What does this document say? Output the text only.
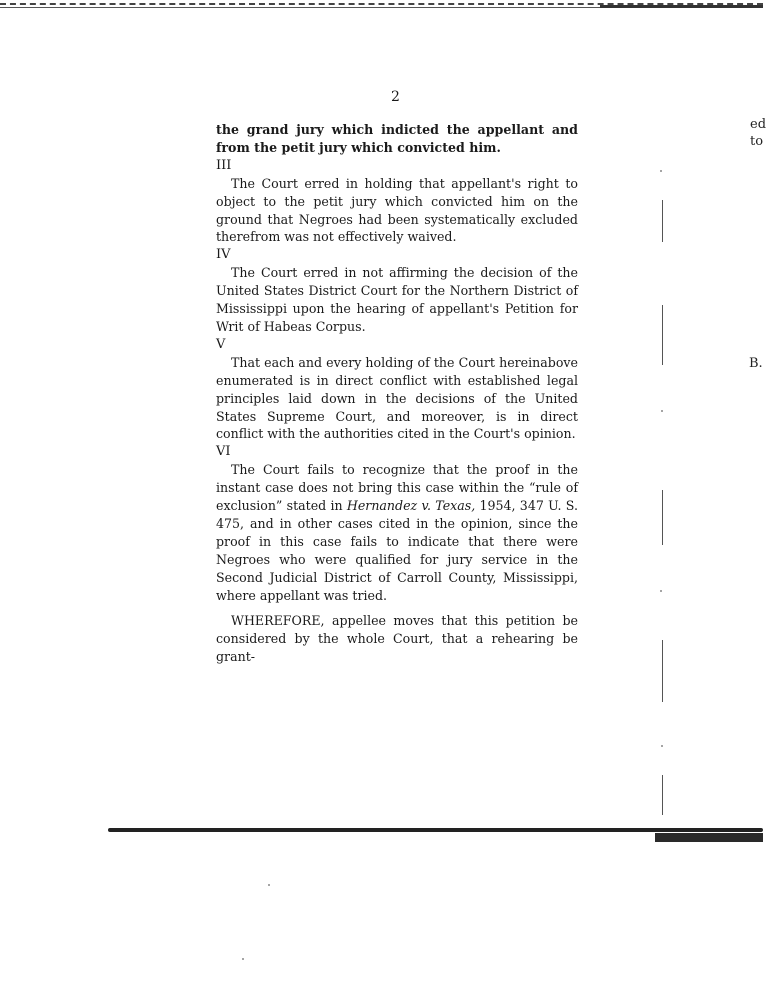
2

the grand jury which indicted the appellant and from the petit jury which convicted him.

III

The Court erred in holding that appellant's right to object to the petit jury which convicted him on the ground that Negroes had been systematically excluded therefrom was not effectively waived.

IV

The Court erred in not affirming the decision of the United States District Court for the Northern District of Mississippi upon the hearing of appellant's Petition for Writ of Habeas Corpus.

V

That each and every holding of the Court hereinabove enumerated is in direct conflict with established legal principles laid down in the decisions of the United States Supreme Court, and moreover, is in direct conflict with the authorities cited in the Court's opinion.

VI

The Court fails to recognize that the proof in the instant case does not bring this case within the “rule of exclusion” stated in Hernandez v. Texas, 1954, 347 U. S. 475, and in other cases cited in the opinion, since the proof in this case fails to indicate that there were Negroes who were qualified for jury service in the Second Judicial District of Carroll County, Mississippi, where appellant was tried.

WHEREFORE, appellee moves that this petition be considered by the whole Court, that a rehearing be grant-

ed
to
B.
